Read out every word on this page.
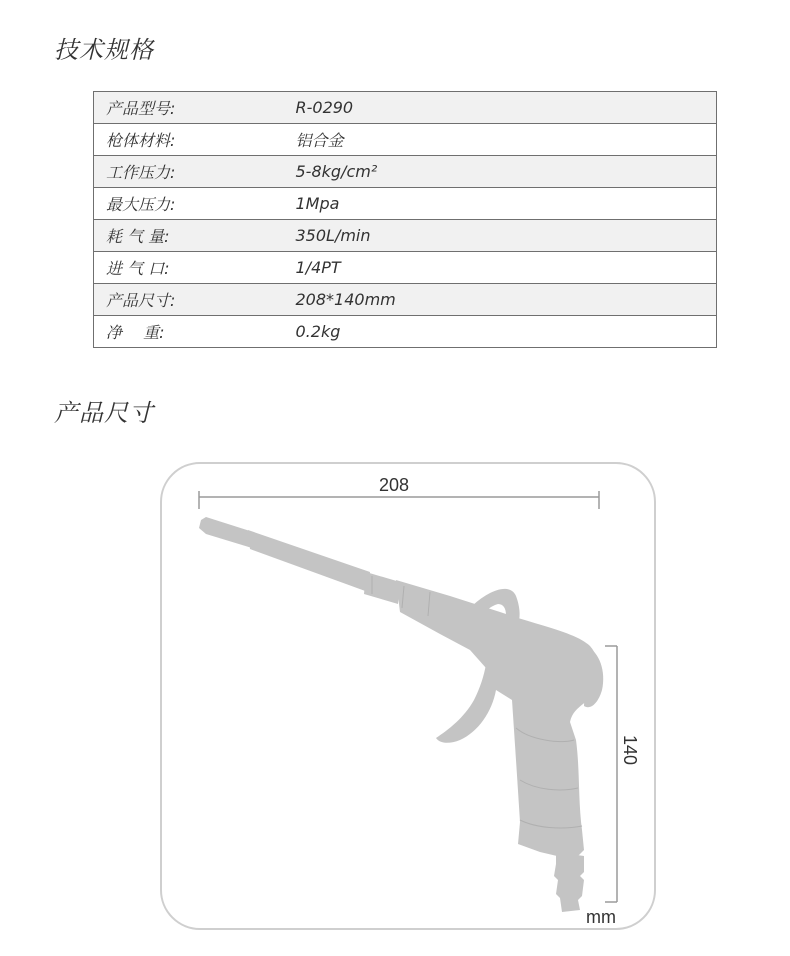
技术规格
产品型号:	R-0290
枪体材料:	铝合金
工作压力:	5-8kg/cm²
最大压力:	1Mpa
耗 气 量:	350L/min
进 气 口:	1/4PT
产品尺寸:	208*140mm
净　 重:	0.2kg
产品尺寸
208
140
mm
